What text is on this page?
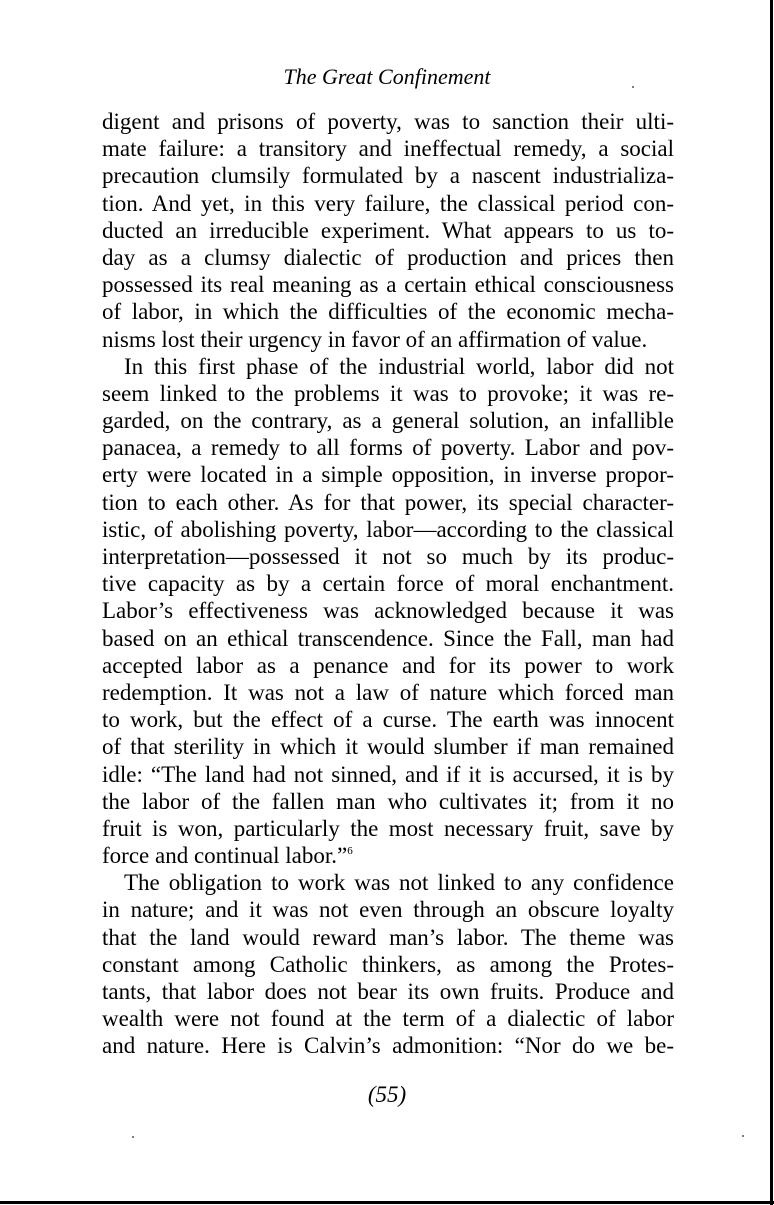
The Great Confinement
digent and prisons of poverty, was to sanction their ulti-
mate failure: a transitory and ineffectual remedy, a social
precaution clumsily formulated by a nascent industrializa-
tion. And yet, in this very failure, the classical period con-
ducted an irreducible experiment. What appears to us to-
day as a clumsy dialectic of production and prices then
possessed its real meaning as a certain ethical consciousness
of labor, in which the difficulties of the economic mecha-
nisms lost their urgency in favor of an affirmation of value.
In this first phase of the industrial world, labor did not
seem linked to the problems it was to provoke; it was re-
garded, on the contrary, as a general solution, an infallible
panacea, a remedy to all forms of poverty. Labor and pov-
erty were located in a simple opposition, in inverse propor-
tion to each other. As for that power, its special character-
istic, of abolishing poverty, labor—according to the classical
interpretation—possessed it not so much by its produc-
tive capacity as by a certain force of moral enchantment.
Labor’s effectiveness was acknowledged because it was
based on an ethical transcendence. Since the Fall, man had
accepted labor as a penance and for its power to work
redemption. It was not a law of nature which forced man
to work, but the effect of a curse. The earth was innocent
of that sterility in which it would slumber if man remained
idle: “The land had not sinned, and if it is accursed, it is by
the labor of the fallen man who cultivates it; from it no
fruit is won, particularly the most necessary fruit, save by
force and continual labor.”$^6$
The obligation to work was not linked to any confidence
in nature; and it was not even through an obscure loyalty
that the land would reward man’s labor. The theme was
constant among Catholic thinkers, as among the Protes-
tants, that labor does not bear its own fruits. Produce and
wealth were not found at the term of a dialectic of labor
and nature. Here is Calvin’s admonition: “Nor do we be-
(55)
